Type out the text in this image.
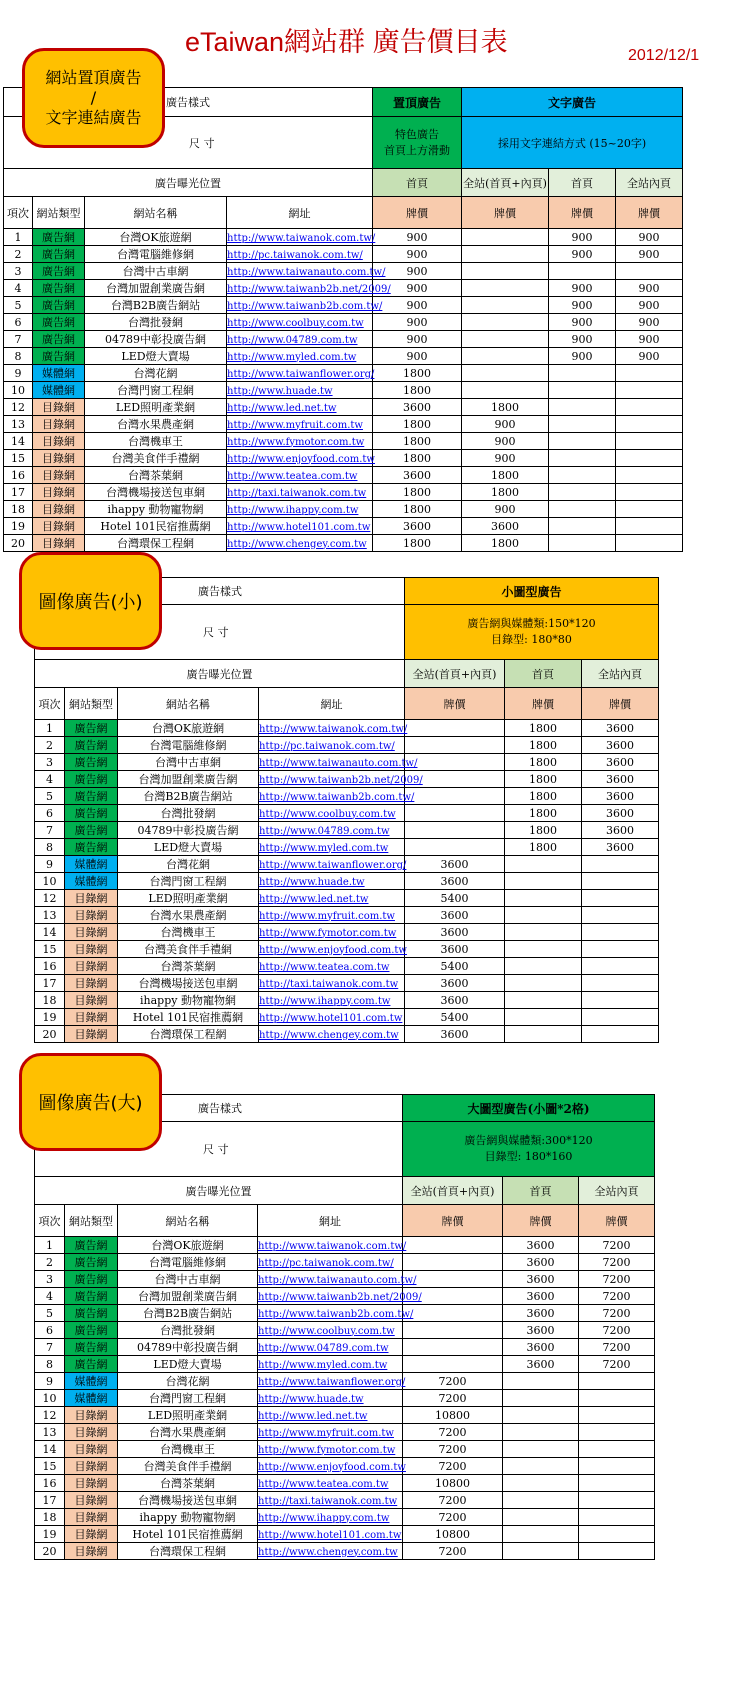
eTaiwan網站群 廣告價目表	2012/12/1
網站置頂廣告
/
文字連結廣告
廣告樣式				置頂廣告	文字廣告		
尺 寸				特色廣告
首頁上方滑動	採用文字連結方式 (15~20字)		
廣告曝光位置				首頁	全站(首頁+內頁)	首頁	全站內頁
項次	網站類型	網站名稱	網址	牌價	牌價	牌價	牌價
1	廣告網	台灣OK旅遊網	http://www.taiwanok.com.tw/	900		900	900
2	廣告網	台灣電腦維修網	http://pc.taiwanok.com.tw/	900		900	900
3	廣告網	台灣中古車網	http://www.taiwanauto.com.tw/	900			
4	廣告網	台灣加盟創業廣告網	http://www.taiwanb2b.net/2009/	900		900	900
5	廣告網	台灣B2B廣告網站	http://www.taiwanb2b.com.tw/	900		900	900
6	廣告網	台灣批發網	http://www.coolbuy.com.tw	900		900	900
7	廣告網	04789中彰投廣告網	http://www.04789.com.tw	900		900	900
8	廣告網	LED燈大賣場	http://www.myled.com.tw	900		900	900
9	媒體網	台灣花網	http://www.taiwanflower.org/	1800			
10	媒體網	台灣門窗工程網	http://www.huade.tw	1800			
12	目錄網	LED照明產業網	http://www.led.net.tw	3600	1800		
13	目錄網	台灣水果農產網	http://www.myfruit.com.tw	1800	900		
14	目錄網	台灣機車王	http://www.fymotor.com.tw	1800	900		
15	目錄網	台灣美食伴手禮網	http://www.enjoyfood.com.tw	1800	900		
16	目錄網	台灣茶葉網	http://www.teatea.com.tw	3600	1800		
17	目錄網	台灣機場接送包車網	http://taxi.taiwanok.com.tw	1800	1800		
18	目錄網	ihappy 動物寵物網	http://www.ihappy.com.tw	1800	900		
19	目錄網	Hotel 101民宿推薦網	http://www.hotel101.com.tw	3600	3600		
20	目錄網	台灣環保工程網	http://www.chengey.com.tw	1800	1800		
圖像廣告(小)
廣告樣式				小圖型廣告		
尺 寸				廣告網與媒體類:150*120
目錄型: 180*80		
廣告曝光位置				全站(首頁+內頁)	首頁	全站內頁
項次	網站類型	網站名稱	網址	牌價	牌價	牌價
1	廣告網	台灣OK旅遊網	http://www.taiwanok.com.tw/		1800	3600
2	廣告網	台灣電腦維修網	http://pc.taiwanok.com.tw/		1800	3600
3	廣告網	台灣中古車網	http://www.taiwanauto.com.tw/		1800	3600
4	廣告網	台灣加盟創業廣告網	http://www.taiwanb2b.net/2009/		1800	3600
5	廣告網	台灣B2B廣告網站	http://www.taiwanb2b.com.tw/		1800	3600
6	廣告網	台灣批發網	http://www.coolbuy.com.tw		1800	3600
7	廣告網	04789中彰投廣告網	http://www.04789.com.tw		1800	3600
8	廣告網	LED燈大賣場	http://www.myled.com.tw		1800	3600
9	媒體網	台灣花網	http://www.taiwanflower.org/	3600		
10	媒體網	台灣門窗工程網	http://www.huade.tw	3600		
12	目錄網	LED照明產業網	http://www.led.net.tw	5400		
13	目錄網	台灣水果農產網	http://www.myfruit.com.tw	3600		
14	目錄網	台灣機車王	http://www.fymotor.com.tw	3600		
15	目錄網	台灣美食伴手禮網	http://www.enjoyfood.com.tw	3600		
16	目錄網	台灣茶葉網	http://www.teatea.com.tw	5400		
17	目錄網	台灣機場接送包車網	http://taxi.taiwanok.com.tw	3600		
18	目錄網	ihappy 動物寵物網	http://www.ihappy.com.tw	3600		
19	目錄網	Hotel 101民宿推薦網	http://www.hotel101.com.tw	5400		
20	目錄網	台灣環保工程網	http://www.chengey.com.tw	3600		
圖像廣告(大)	廣告樣式				大圖型廣告(小圖*2格)		
尺 寸				廣告網與媒體類:300*120
目錄型: 180*160		
廣告曝光位置				全站(首頁+內頁)	首頁	全站內頁
項次	網站類型	網站名稱	網址	牌價	牌價	牌價
1	廣告網	台灣OK旅遊網	http://www.taiwanok.com.tw/		3600	7200
2	廣告網	台灣電腦維修網	http://pc.taiwanok.com.tw/		3600	7200
3	廣告網	台灣中古車網	http://www.taiwanauto.com.tw/		3600	7200
4	廣告網	台灣加盟創業廣告網	http://www.taiwanb2b.net/2009/		3600	7200
5	廣告網	台灣B2B廣告網站	http://www.taiwanb2b.com.tw/		3600	7200
6	廣告網	台灣批發網	http://www.coolbuy.com.tw		3600	7200
7	廣告網	04789中彰投廣告網	http://www.04789.com.tw		3600	7200
8	廣告網	LED燈大賣場	http://www.myled.com.tw		3600	7200
9	媒體網	台灣花網	http://www.taiwanflower.org/	7200		
10	媒體網	台灣門窗工程網	http://www.huade.tw	7200		
12	目錄網	LED照明產業網	http://www.led.net.tw	10800		
13	目錄網	台灣水果農產網	http://www.myfruit.com.tw	7200		
14	目錄網	台灣機車王	http://www.fymotor.com.tw	7200		
15	目錄網	台灣美食伴手禮網	http://www.enjoyfood.com.tw	7200		
16	目錄網	台灣茶葉網	http://www.teatea.com.tw	10800		
17	目錄網	台灣機場接送包車網	http://taxi.taiwanok.com.tw	7200		
18	目錄網	ihappy 動物寵物網	http://www.ihappy.com.tw	7200		
19	目錄網	Hotel 101民宿推薦網	http://www.hotel101.com.tw	10800		
20	目錄網	台灣環保工程網	http://www.chengey.com.tw	7200		
